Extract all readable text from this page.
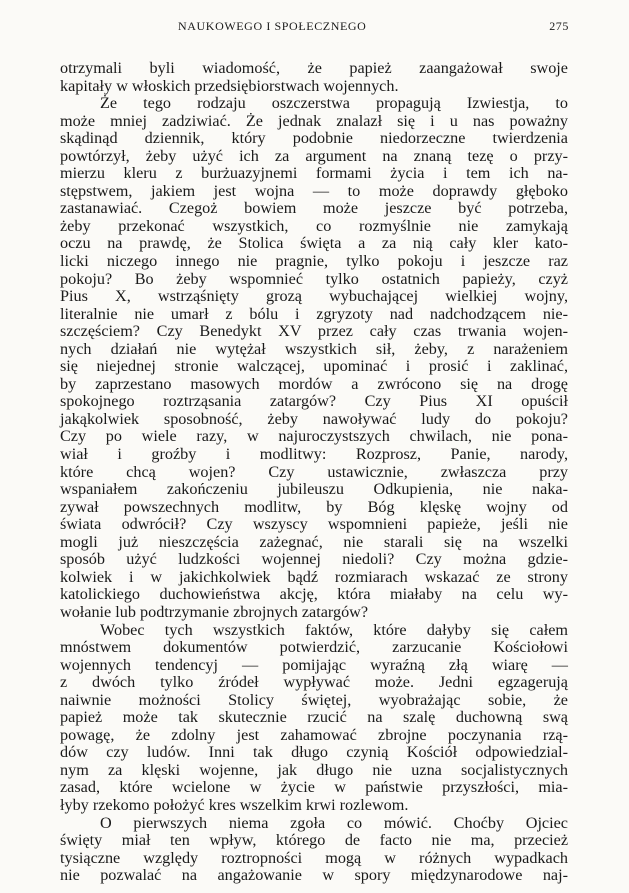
NAUKOWEGO I SPOŁECZNEGO	275
otrzymali byli wiadomość, że papież zaangażował swoje
kapitały w włoskich przedsiębiorstwach wojennych.
Że tego rodzaju oszczerstwa propagują Izwiestja, to
może mniej zadziwiać. Że jednak znalazł się i u nas poważny
skądinąd dziennik, który podobnie niedorzeczne twierdzenia
powtórzył, żeby użyć ich za argument na znaną tezę o przy-
mierzu kleru z burżuazyjnemi formami życia i tem ich na-
stępstwem, jakiem jest wojna — to może doprawdy głęboko
zastanawiać. Czegoż bowiem może jeszcze być potrzeba,
żeby przekonać wszystkich, co rozmyślnie nie zamykają
oczu na prawdę, że Stolica święta a za nią cały kler kato-
licki niczego innego nie pragnie, tylko pokoju i jeszcze raz
pokoju? Bo żeby wspomnieć tylko ostatnich papieży, czyż
Pius X, wstrząśnięty grozą wybuchającej wielkiej wojny,
literalnie nie umarł z bólu i zgryzoty nad nadchodzącem nie-
szczęściem? Czy Benedykt XV przez cały czas trwania wojen-
nych działań nie wytężał wszystkich sił, żeby, z narażeniem
się niejednej stronie walczącej, upominać i prosić i zaklinać,
by zaprzestano masowych mordów a zwrócono się na drogę
spokojnego roztrząsania zatargów? Czy Pius XI opuścił
jakąkolwiek sposobność, żeby nawoływać ludy do pokoju?
Czy po wiele razy, w najuroczystszych chwilach, nie pona-
wiał i groźby i modlitwy: Rozprosz, Panie, narody,
które chcą wojen? Czy ustawicznie, zwłaszcza przy
wspaniałem zakończeniu jubileuszu Odkupienia, nie naka-
zywał powszechnych modlitw, by Bóg klęskę wojny od
świata odwrócił? Czy wszyscy wspomnieni papieże, jeśli nie
mogli już nieszczęścia zażegnać, nie starali się na wszelki
sposób użyć ludzkości wojennej niedoli? Czy można gdzie-
kolwiek i w jakichkolwiek bądź rozmiarach wskazać ze strony
katolickiego duchowieństwa akcję, która miałaby na celu wy-
wołanie lub podtrzymanie zbrojnych zatargów?
Wobec tych wszystkich faktów, które dałyby się całem
mnóstwem dokumentów potwierdzić, zarzucanie Kościołowi
wojennych tendencyj — pomijając wyraźną złą wiarę —
z dwóch tylko źródeł wypływać może. Jedni egzagerują
naiwnie możności Stolicy świętej, wyobrażając sobie, że
papież może tak skutecznie rzucić na szalę duchowną swą
powagę, że zdolny jest zahamować zbrojne poczynania rzą-
dów czy ludów. Inni tak długo czynią Kościół odpowiedzial-
nym za klęski wojenne, jak długo nie uzna socjalistycznych
zasad, które wcielone w życie w państwie przyszłości, mia-
łyby rzekomo położyć kres wszelkim krwi rozlewom.
O pierwszych niema zgoła co mówić. Choćby Ojciec
święty miał ten wpływ, którego de facto nie ma, przecież
tysiączne względy roztropności mogą w różnych wypadkach
nie pozwalać na angażowanie w spory międzynarodowe naj-
